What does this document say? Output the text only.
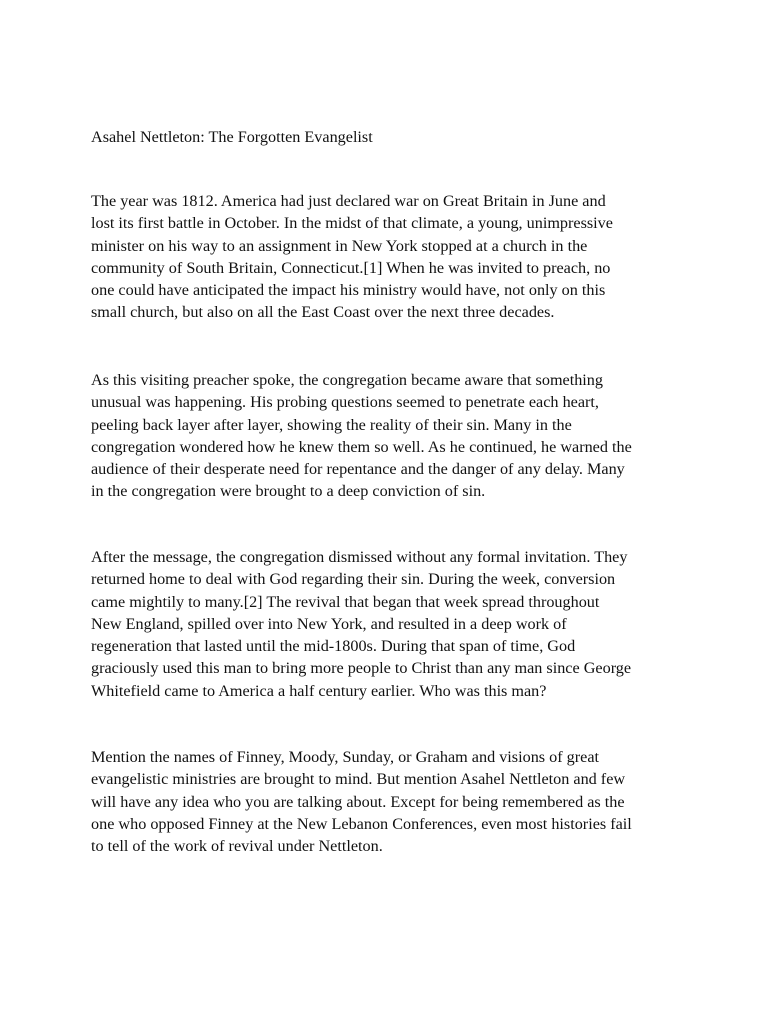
Asahel Nettleton: The Forgotten Evangelist
The year was 1812. America had just declared war on Great Britain in June and
lost its first battle in October. In the midst of that climate, a young, unimpressive
minister on his way to an assignment in New York stopped at a church in the
community of South Britain, Connecticut.[1] When he was invited to preach, no
one could have anticipated the impact his ministry would have, not only on this
small church, but also on all the East Coast over the next three decades.
As this visiting preacher spoke, the congregation became aware that something
unusual was happening. His probing questions seemed to penetrate each heart,
peeling back layer after layer, showing the reality of their sin. Many in the
congregation wondered how he knew them so well. As he continued, he warned the
audience of their desperate need for repentance and the danger of any delay. Many
in the congregation were brought to a deep conviction of sin.
After the message, the congregation dismissed without any formal invitation. They
returned home to deal with God regarding their sin. During the week, conversion
came mightily to many.[2] The revival that began that week spread throughout
New England, spilled over into New York, and resulted in a deep work of
regeneration that lasted until the mid-1800s. During that span of time, God
graciously used this man to bring more people to Christ than any man since George
Whitefield came to America a half century earlier. Who was this man?
Mention the names of Finney, Moody, Sunday, or Graham and visions of great
evangelistic ministries are brought to mind. But mention Asahel Nettleton and few
will have any idea who you are talking about. Except for being remembered as the
one who opposed Finney at the New Lebanon Conferences, even most histories fail
to tell of the work of revival under Nettleton.
